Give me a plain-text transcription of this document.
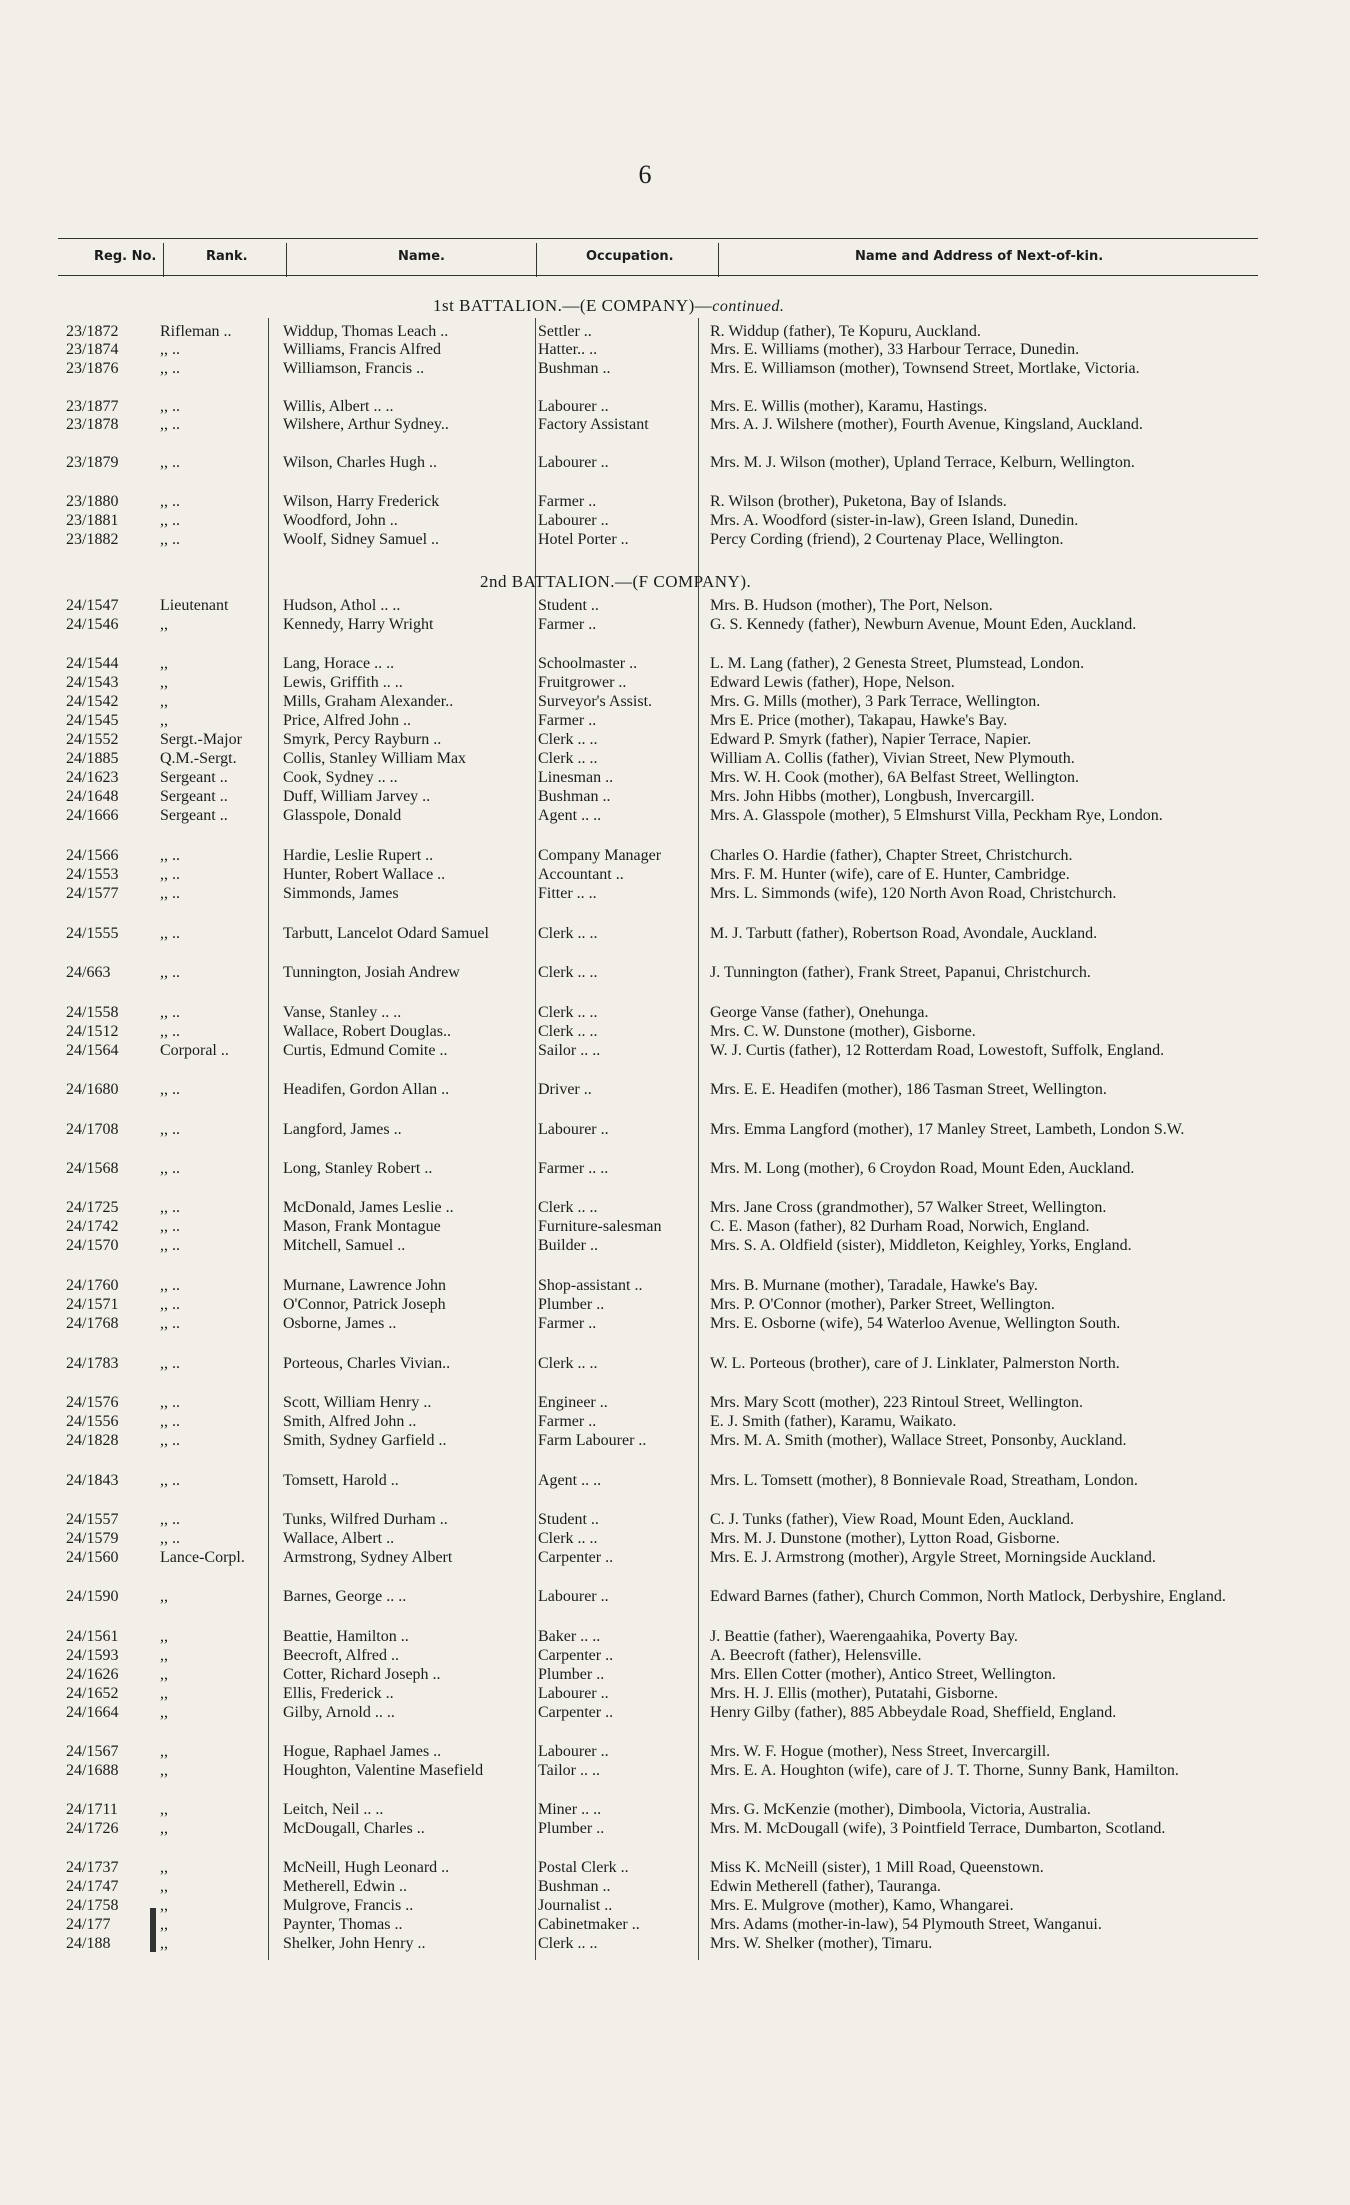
6
Reg. No.	Rank.	Name.	Occupation.	Name and Address of Next-of-kin.
1st BATTALION.—(E COMPANY)—continued.
2nd BATTALION.—(F COMPANY).
23/1872	Rifleman ..	Widdup, Thomas Leach ..	Settler ..	R. Widdup (father), Te Kopuru, Auckland.
23/1874	,, ..	Williams, Francis Alfred	Hatter.. ..	Mrs. E. Williams (mother), 33 Harbour Terrace, Dunedin.
23/1876	,, ..	Williamson, Francis ..	Bushman ..	Mrs. E. Williamson (mother), Townsend Street, Mortlake, Victoria.
23/1877	,, ..	Willis, Albert .. ..	Labourer ..	Mrs. E. Willis (mother), Karamu, Hastings.
23/1878	,, ..	Wilshere, Arthur Sydney..	Factory Assistant	Mrs. A. J. Wilshere (mother), Fourth Avenue, Kingsland, Auckland.
23/1879	,, ..	Wilson, Charles Hugh ..	Labourer ..	Mrs. M. J. Wilson (mother), Upland Terrace, Kelburn, Wellington.
23/1880	,, ..	Wilson, Harry Frederick	Farmer ..	R. Wilson (brother), Puketona, Bay of Islands.
23/1881	,, ..	Woodford, John ..	Labourer ..	Mrs. A. Woodford (sister-in-law), Green Island, Dunedin.
23/1882	,, ..	Woolf, Sidney Samuel ..	Hotel Porter ..	Percy Cording (friend), 2 Courtenay Place, Wellington.
24/1547	Lieutenant	Hudson, Athol .. ..	Student ..	Mrs. B. Hudson (mother), The Port, Nelson.
24/1546	,,	Kennedy, Harry Wright	Farmer ..	G. S. Kennedy (father), Newburn Avenue, Mount Eden, Auckland.
24/1544	,,	Lang, Horace .. ..	Schoolmaster ..	L. M. Lang (father), 2 Genesta Street, Plumstead, London.
24/1543	,,	Lewis, Griffith .. ..	Fruitgrower ..	Edward Lewis (father), Hope, Nelson.
24/1542	,,	Mills, Graham Alexander..	Surveyor's Assist.	Mrs. G. Mills (mother), 3 Park Terrace, Wellington.
24/1545	,,	Price, Alfred John ..	Farmer ..	Mrs E. Price (mother), Takapau, Hawke's Bay.
24/1552	Sergt.-Major	Smyrk, Percy Rayburn ..	Clerk .. ..	Edward P. Smyrk (father), Napier Terrace, Napier.
24/1885	Q.M.-Sergt.	Collis, Stanley William Max	Clerk .. ..	William A. Collis (father), Vivian Street, New Plymouth.
24/1623	Sergeant ..	Cook, Sydney .. ..	Linesman ..	Mrs. W. H. Cook (mother), 6A Belfast Street, Wellington.
24/1648	Sergeant ..	Duff, William Jarvey ..	Bushman ..	Mrs. John Hibbs (mother), Longbush, Invercargill.
24/1666	Sergeant ..	Glasspole, Donald	Agent .. ..	Mrs. A. Glasspole (mother), 5 Elmshurst Villa, Peckham Rye, London.
24/1566	,, ..	Hardie, Leslie Rupert ..	Company Manager	Charles O. Hardie (father), Chapter Street, Christchurch.
24/1553	,, ..	Hunter, Robert Wallace ..	Accountant ..	Mrs. F. M. Hunter (wife), care of E. Hunter, Cambridge.
24/1577	,, ..	Simmonds, James	Fitter .. ..	Mrs. L. Simmonds (wife), 120 North Avon Road, Christchurch.
24/1555	,, ..	Tarbutt, Lancelot Odard Samuel	Clerk .. ..	M. J. Tarbutt (father), Robertson Road, Avondale, Auckland.
24/663	,, ..	Tunnington, Josiah Andrew	Clerk .. ..	J. Tunnington (father), Frank Street, Papanui, Christchurch.
24/1558	,, ..	Vanse, Stanley .. ..	Clerk .. ..	George Vanse (father), Onehunga.
24/1512	,, ..	Wallace, Robert Douglas..	Clerk .. ..	Mrs. C. W. Dunstone (mother), Gisborne.
24/1564	Corporal ..	Curtis, Edmund Comite ..	Sailor .. ..	W. J. Curtis (father), 12 Rotterdam Road, Lowestoft, Suffolk, England.
24/1680	,, ..	Headifen, Gordon Allan ..	Driver ..	Mrs. E. E. Headifen (mother), 186 Tasman Street, Wellington.
24/1708	,, ..	Langford, James ..	Labourer ..	Mrs. Emma Langford (mother), 17 Manley Street, Lambeth, London S.W.
24/1568	,, ..	Long, Stanley Robert ..	Farmer .. ..	Mrs. M. Long (mother), 6 Croydon Road, Mount Eden, Auckland.
24/1725	,, ..	McDonald, James Leslie ..	Clerk .. ..	Mrs. Jane Cross (grandmother), 57 Walker Street, Wellington.
24/1742	,, ..	Mason, Frank Montague	Furniture-salesman	C. E. Mason (father), 82 Durham Road, Norwich, England.
24/1570	,, ..	Mitchell, Samuel ..	Builder ..	Mrs. S. A. Oldfield (sister), Middleton, Keighley, Yorks, England.
24/1760	,, ..	Murnane, Lawrence John	Shop-assistant ..	Mrs. B. Murnane (mother), Taradale, Hawke's Bay.
24/1571	,, ..	O'Connor, Patrick Joseph	Plumber ..	Mrs. P. O'Connor (mother), Parker Street, Wellington.
24/1768	,, ..	Osborne, James ..	Farmer ..	Mrs. E. Osborne (wife), 54 Waterloo Avenue, Wellington South.
24/1783	,, ..	Porteous, Charles Vivian..	Clerk .. ..	W. L. Porteous (brother), care of J. Linklater, Palmerston North.
24/1576	,, ..	Scott, William Henry ..	Engineer ..	Mrs. Mary Scott (mother), 223 Rintoul Street, Wellington.
24/1556	,, ..	Smith, Alfred John ..	Farmer ..	E. J. Smith (father), Karamu, Waikato.
24/1828	,, ..	Smith, Sydney Garfield ..	Farm Labourer ..	Mrs. M. A. Smith (mother), Wallace Street, Ponsonby, Auckland.
24/1843	,, ..	Tomsett, Harold ..	Agent .. ..	Mrs. L. Tomsett (mother), 8 Bonnievale Road, Streatham, London.
24/1557	,, ..	Tunks, Wilfred Durham ..	Student ..	C. J. Tunks (father), View Road, Mount Eden, Auckland.
24/1579	,, ..	Wallace, Albert ..	Clerk .. ..	Mrs. M. J. Dunstone (mother), Lytton Road, Gisborne.
24/1560	Lance-Corpl.	Armstrong, Sydney Albert	Carpenter ..	Mrs. E. J. Armstrong (mother), Argyle Street, Morningside Auckland.
24/1590	,,	Barnes, George .. ..	Labourer ..	Edward Barnes (father), Church Common, North Matlock, Derbyshire, England.
24/1561	,,	Beattie, Hamilton ..	Baker .. ..	J. Beattie (father), Waerengaahika, Poverty Bay.
24/1593	,,	Beecroft, Alfred ..	Carpenter ..	A. Beecroft (father), Helensville.
24/1626	,,	Cotter, Richard Joseph ..	Plumber ..	Mrs. Ellen Cotter (mother), Antico Street, Wellington.
24/1652	,,	Ellis, Frederick ..	Labourer ..	Mrs. H. J. Ellis (mother), Putatahi, Gisborne.
24/1664	,,	Gilby, Arnold .. ..	Carpenter ..	Henry Gilby (father), 885 Abbeydale Road, Sheffield, England.
24/1567	,,	Hogue, Raphael James ..	Labourer ..	Mrs. W. F. Hogue (mother), Ness Street, Invercargill.
24/1688	,,	Houghton, Valentine Masefield	Tailor .. ..	Mrs. E. A. Houghton (wife), care of J. T. Thorne, Sunny Bank, Hamilton.
24/1711	,,	Leitch, Neil .. ..	Miner .. ..	Mrs. G. McKenzie (mother), Dimboola, Victoria, Australia.
24/1726	,,	McDougall, Charles ..	Plumber ..	Mrs. M. McDougall (wife), 3 Pointfield Terrace, Dumbarton, Scotland.
24/1737	,,	McNeill, Hugh Leonard ..	Postal Clerk ..	Miss K. McNeill (sister), 1 Mill Road, Queenstown.
24/1747	,,	Metherell, Edwin ..	Bushman ..	Edwin Metherell (father), Tauranga.
24/1758	,,	Mulgrove, Francis ..	Journalist ..	Mrs. E. Mulgrove (mother), Kamo, Whangarei.
24/177	,,	Paynter, Thomas ..	Cabinetmaker ..	Mrs. Adams (mother-in-law), 54 Plymouth Street, Wanganui.
24/188	,,	Shelker, John Henry ..	Clerk .. ..	Mrs. W. Shelker (mother), Timaru.
